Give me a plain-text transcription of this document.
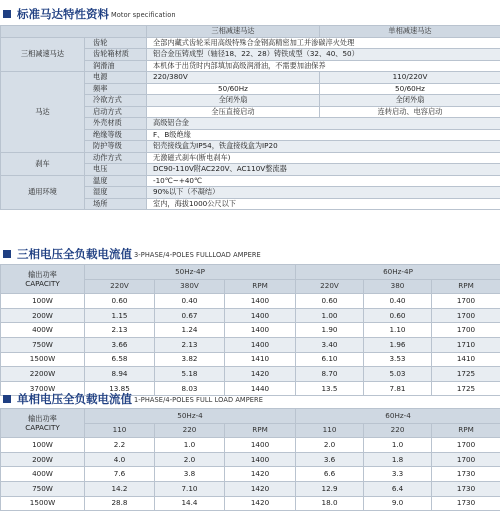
标准马达特性资料 Motor specification
		三相减速马达	单相减速马达
三相减速马达	齿轮	全部内藏式齿轮采用高级特殊合金钢高精密加工并渗碳淬火处理	
	齿轮箱材质	铝合金压铸成型（轴径18、22、28）铸铁成型（32、40、50）	
	润滑油	本机体于出货时内部填加高级润滑油，不需要加油保养	
马达	电源	220/380V	110/220V
	频率	50/60Hz	50/60Hz
	冷欲方式	全闭外扇	全闭外扇
	启动方式	全压直接启动	连转启动、电容启动
	外壳材质	高级铝合金	
	绝缘等级	F、B级绝缘	
	防护等级	铝壳接线盒为IP54，铁盒接线盒为IP20	
刹车	动作方式	无激磁式刹车(断电刹车)	
	电压	DC90-110V附AC220V、AC110V整流器	
通用环境	温度	-10℃~+40℃	
	湿度	90%以下（不凝结）	
	场所	室内，海拔1000公尺以下	
三相电压全负载电流值 3-PHASE/4-POLES FULLLOAD AMPERE
输出功率
CAPACITY	50Hz-4P			60Hz-4P		
	220V	380V	RPM	220V	380	RPM
100W	0.60	0.40	1400	0.60	0.40	1700
200W	1.15	0.67	1400	1.00	0.60	1700
400W	2.13	1.24	1400	1.90	1.10	1700
750W	3.66	2.13	1400	3.40	1.96	1710
1500W	6.58	3.82	1410	6.10	3.53	1410
2200W	8.94	5.18	1420	8.70	5.03	1725
3700W	13.85	8.03	1440	13.5	7.81	1725
单相电压全负载电流值 1-PHASE/4-POLES FULL LOAD AMPERE
输出功率
CAPACITY	50Hz-4			60Hz-4		
	110	220	RPM	110	220	RPM
100W	2.2	1.0	1400	2.0	1.0	1700
200W	4.0	2.0	1400	3.6	1.8	1700
400W	7.6	3.8	1420	6.6	3.3	1730
750W	14.2	7.10	1420	12.9	6.4	1730
1500W	28.8	14.4	1420	18.0	9.0	1730
